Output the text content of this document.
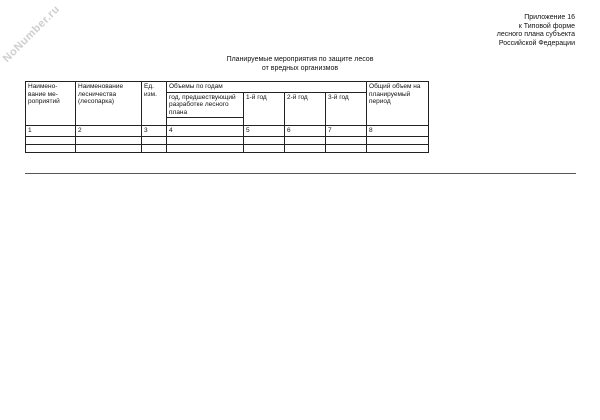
NoNumber.ru	Приложение 16
к Типовой форме
лесного плана субъекта
Российской Федерации
Планируемые мероприятия по защите лесов
от вредных организмов
Наимено-вание ме-роприятий	Наименование лесничества (лесопарка)	Ед. изм.	Объемы по годам				Общий объем на планируемый период
			год, предшествующий разработке лесного плана	1-й год	2-й год	3-й год	

1	2	3	4	5	6	7	8
